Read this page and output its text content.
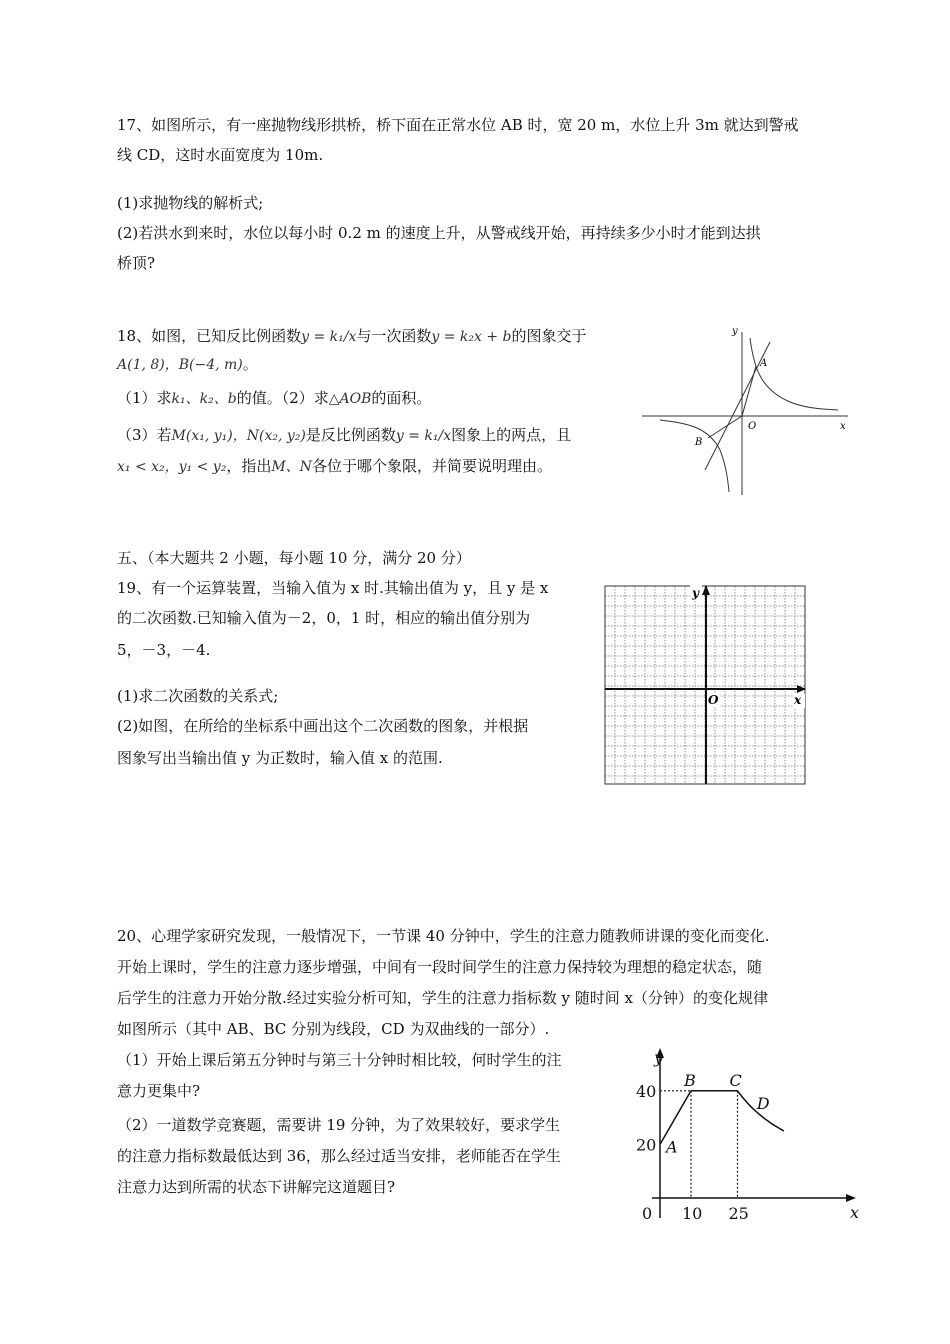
17、如图所示，有一座抛物线形拱桥，桥下面在正常水位 AB 时，宽 20 m，水位上升 3m 就达到警戒
线 CD，这时水面宽度为 10m.
(1)求抛物线的解析式;
(2)若洪水到来时，水位以每小时 0.2 m 的速度上升，从警戒线开始，再持续多少小时才能到达拱
桥顶?
18、如图，已知反比例函数y = k₁/x与一次函数y = k₂x + b的图象交于
A(1, 8)，B(−4, m)。
（1）求k₁、k₂、b的值。（2）求△AOB的面积。
（3）若M(x₁, y₁)，N(x₂, y₂)是反比例函数y = k₁/x图象上的两点，且
x₁ < x₂，y₁ < y₂，指出M、N各位于哪个象限，并简要说明理由。
y
x
O
A
B
五、（本大题共 2 小题，每小题 10 分，满分 20 分）
19、有一个运算装置，当输入值为 x 时.其输出值为 y，且 y 是 x
的二次函数.已知输入值为－2，0，1 时，相应的输出值分别为
5，－3，－4.
(1)求二次函数的关系式;
(2)如图，在所给的坐标系中画出这个二次函数的图象，并根据
图象写出当输出值 y 为正数时，输入值 x 的范围.
y
x
O
20、心理学家研究发现，一般情况下，一节课 40 分钟中，学生的注意力随教师讲课的变化而变化.
开始上课时，学生的注意力逐步增强，中间有一段时间学生的注意力保持较为理想的稳定状态，随
后学生的注意力开始分散.经过实验分析可知，学生的注意力指标数 y 随时间 x（分钟）的变化规律
如图所示（其中 AB、BC 分别为线段，CD 为双曲线的一部分）.
（1）开始上课后第五分钟时与第三十分钟时相比较，何时学生的注
意力更集中?
（2）一道数学竞赛题，需要讲 19 分钟，为了效果较好，要求学生
的注意力指标数最低达到 36，那么经过适当安排，老师能否在学生
注意力达到所需的状态下讲解完这道题目?
y
x
0
40
20
10 25
A
B C
D
